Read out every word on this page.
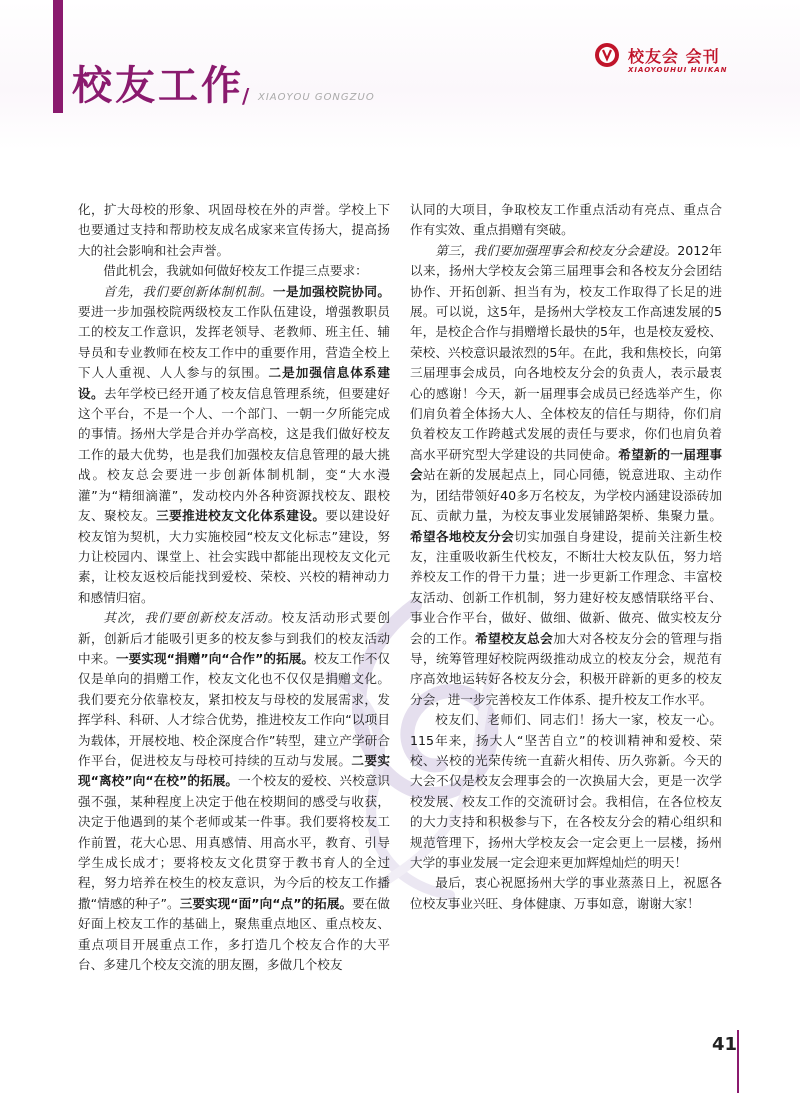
校友工作
/ XIAOYOU GONGZUO
校友会 会刊
XIAOYOUHUI HUIKAN

化，扩大母校的形象、巩固母校在外的声誉。学校上下也要通过支持和帮助校友成名成家来宣传扬大，提高扬大的社会影响和社会声誉。

借此机会，我就如何做好校友工作提三点要求：

首先，我们要创新体制机制。一是加强校院协同。要进一步加强校院两级校友工作队伍建设，增强教职员工的校友工作意识，发挥老领导、老教师、班主任、辅导员和专业教师在校友工作中的重要作用，营造全校上下人人重视、人人参与的氛围。二是加强信息体系建设。去年学校已经开通了校友信息管理系统，但要建好这个平台，不是一个人、一个部门、一朝一夕所能完成的事情。扬州大学是合并办学高校，这是我们做好校友工作的最大优势，也是我们加强校友信息管理的最大挑战。校友总会要进一步创新体制机制，变“大水漫灌”为“精细滴灌”，发动校内外各种资源找校友、跟校友、聚校友。三要推进校友文化体系建设。要以建设好校友馆为契机，大力实施校园“校友文化标志”建设，努力让校园内、课堂上、社会实践中都能出现校友文化元素，让校友返校后能找到爱校、荣校、兴校的精神动力和感情归宿。

其次，我们要创新校友活动。校友活动形式要创新，创新后才能吸引更多的校友参与到我们的校友活动中来。一要实现“捐赠”向“合作”的拓展。校友工作不仅仅是单向的捐赠工作，校友文化也不仅仅是捐赠文化。我们要充分依靠校友，紧扣校友与母校的发展需求，发挥学科、科研、人才综合优势，推进校友工作向“以项目为载体，开展校地、校企深度合作”转型，建立产学研合作平台，促进校友与母校可持续的互动与发展。二要实现“离校”向“在校”的拓展。一个校友的爱校、兴校意识强不强，某种程度上决定于他在校期间的感受与收获，决定于他遇到的某个老师或某一件事。我们要将校友工作前置，花大心思、用真感情、用高水平，教育、引导学生成长成才；要将校友文化贯穿于教书育人的全过程，努力培养在校生的校友意识，为今后的校友工作播撒“情感的种子”。三要实现“面”向“点”的拓展。要在做好面上校友工作的基础上，聚焦重点地区、重点校友、重点项目开展重点工作，多打造几个校友合作的大平台、多建几个校友交流的朋友圈，多做几个校友

认同的大项目，争取校友工作重点活动有亮点、重点合作有实效、重点捐赠有突破。

第三，我们要加强理事会和校友分会建设。2012年以来，扬州大学校友会第三届理事会和各校友分会团结协作、开拓创新、担当有为，校友工作取得了长足的进展。可以说，这5年，是扬州大学校友工作高速发展的5年，是校企合作与捐赠增长最快的5年，也是校友爱校、荣校、兴校意识最浓烈的5年。在此，我和焦校长，向第三届理事会成员，向各地校友分会的负责人，表示最衷心的感谢！今天，新一届理事会成员已经选举产生，你们肩负着全体扬大人、全体校友的信任与期待，你们肩负着校友工作跨越式发展的责任与要求，你们也肩负着高水平研究型大学建设的共同使命。希望新的一届理事会站在新的发展起点上，同心同德，锐意进取、主动作为，团结带领好40多万名校友，为学校内涵建设添砖加瓦、贡献力量，为校友事业发展铺路架桥、集聚力量。希望各地校友分会切实加强自身建设，提前关注新生校友，注重吸收新生代校友，不断壮大校友队伍，努力培养校友工作的骨干力量；进一步更新工作理念、丰富校友活动、创新工作机制，努力建好校友感情联络平台、事业合作平台，做好、做细、做新、做亮、做实校友分会的工作。希望校友总会加大对各校友分会的管理与指导，统筹管理好校院两级推动成立的校友分会，规范有序高效地运转好各校友分会，积极开辟新的更多的校友分会，进一步完善校友工作体系、提升校友工作水平。

校友们、老师们、同志们！扬大一家，校友一心。115年来，扬大人“坚苦自立”的校训精神和爱校、荣校、兴校的光荣传统一直薪火相传、历久弥新。今天的大会不仅是校友会理事会的一次换届大会，更是一次学校发展、校友工作的交流研讨会。我相信，在各位校友的大力支持和积极参与下，在各校友分会的精心组织和规范管理下，扬州大学校友会一定会更上一层楼，扬州大学的事业发展一定会迎来更加辉煌灿烂的明天！

最后，衷心祝愿扬州大学的事业蒸蒸日上，祝愿各位校友事业兴旺、身体健康、万事如意，谢谢大家！

41
